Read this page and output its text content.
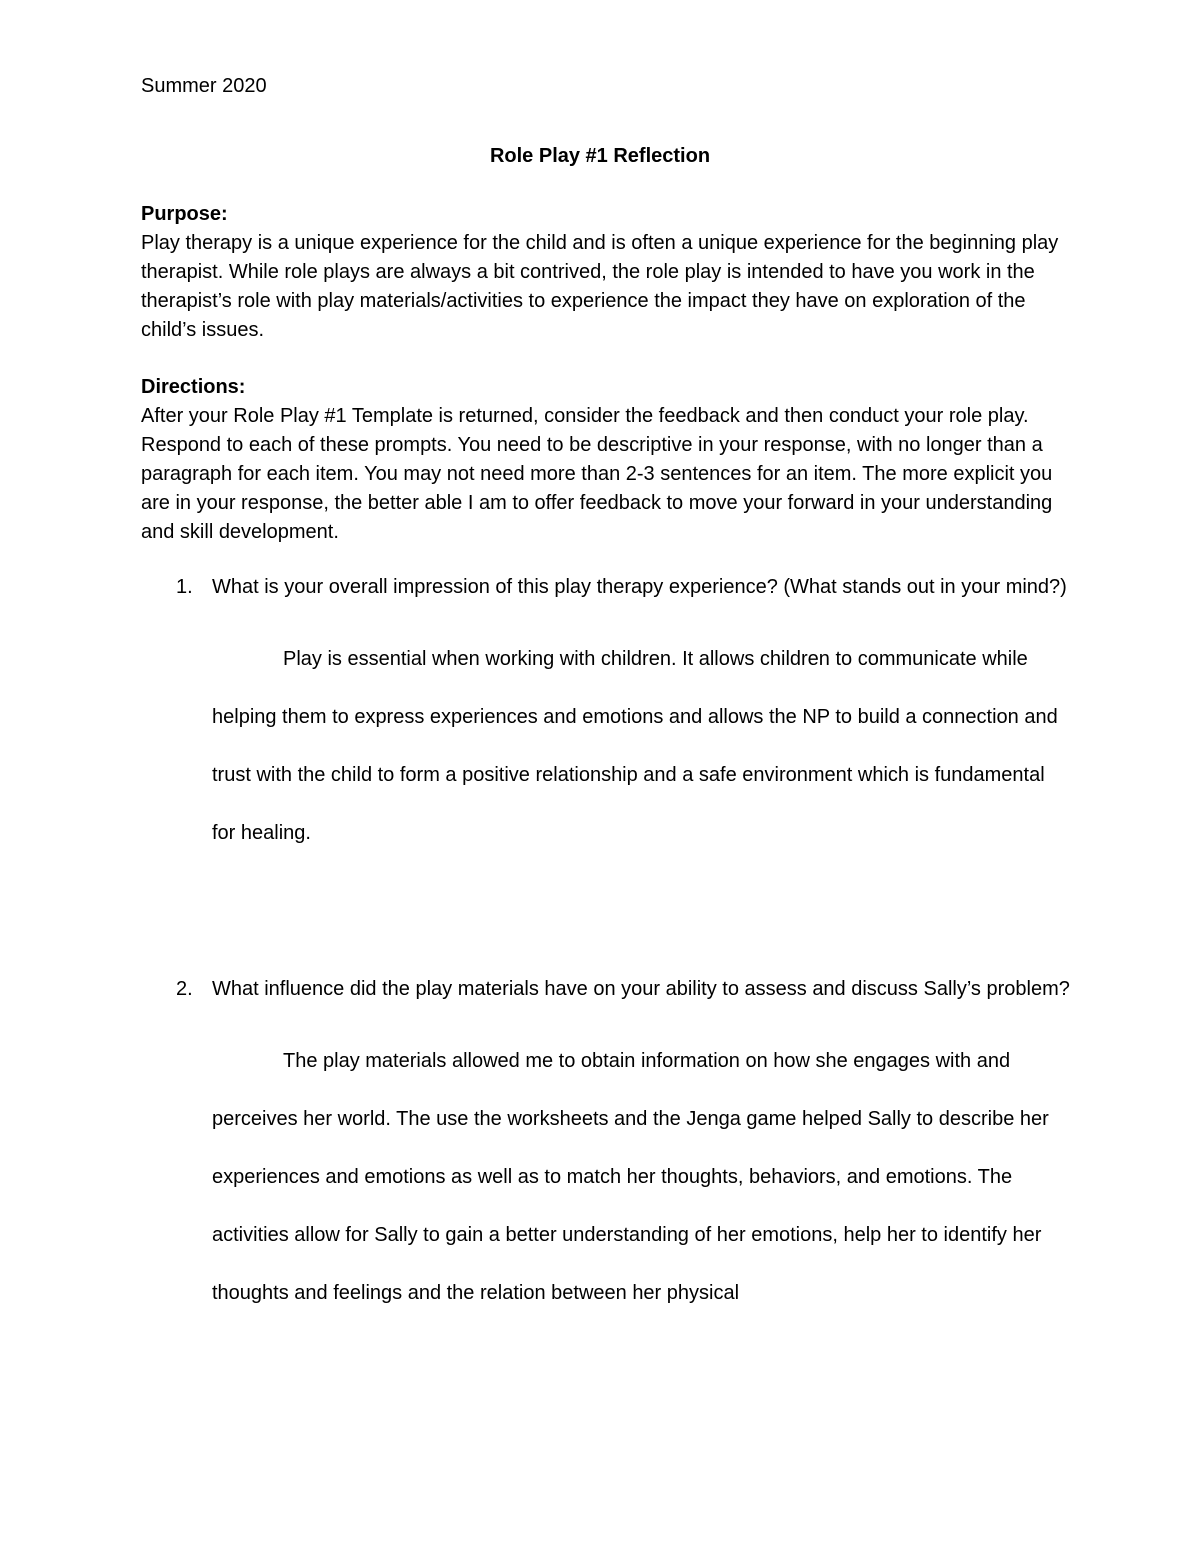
Summer 2020
Role Play #1 Reflection
Purpose:
Play therapy is a unique experience for the child and is often a unique experience for the beginning play therapist. While role plays are always a bit contrived, the role play is intended to have you work in the therapist’s role with play materials/activities to experience the impact they have on exploration of the child’s issues.
Directions:
After your Role Play #1 Template is returned, consider the feedback and then conduct your role play. Respond to each of these prompts. You need to be descriptive in your response, with no longer than a paragraph for each item. You may not need more than 2-3 sentences for an item. The more explicit you are in your response, the better able I am to offer feedback to move your forward in your understanding and skill development.
1. What is your overall impression of this play therapy experience? (What stands out in your mind?)
Play is essential when working with children. It allows children to communicate while helping them to express experiences and emotions and allows the NP to build a connection and trust with the child to form a positive relationship and a safe environment which is fundamental for healing.
2. What influence did the play materials have on your ability to assess and discuss Sally’s problem?
The play materials allowed me to obtain information on how she engages with and perceives her world. The use the worksheets and the Jenga game helped Sally to describe her experiences and emotions as well as to match her thoughts, behaviors, and emotions. The activities allow for Sally to gain a better understanding of her emotions, help her to identify her thoughts and feelings and the relation between her physical
